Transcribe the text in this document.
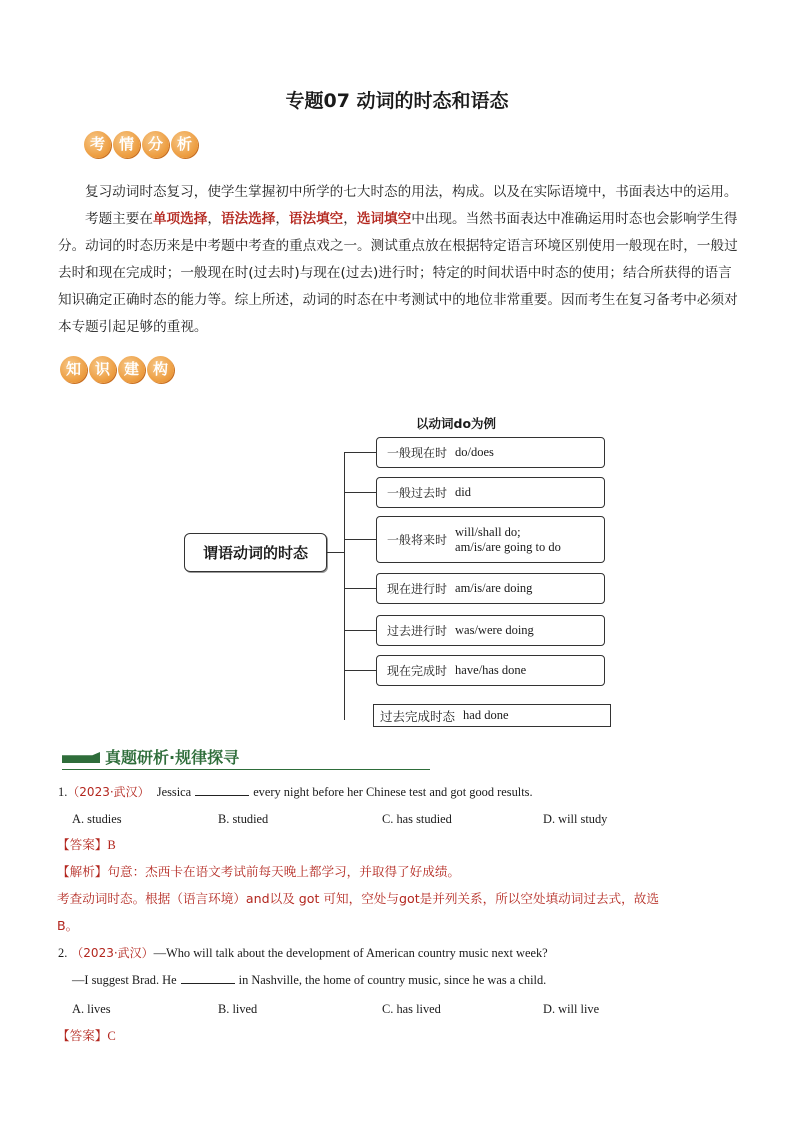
专题07 动词的时态和语态
考 情 分 析

复习动词时态复习，使学生掌握初中所学的七大时态的用法，构成。以及在实际语境中，书面表达中的运用。

考题主要在单项选择，语法选择，语法填空，选词填空中出现。当然书面表达中准确运用时态也会影响学生得分。动词的时态历来是中考题中考查的重点戏之一。测试重点放在根据特定语言环境区别使用一般现在时，一般过去时和现在完成时；一般现在时(过去时)与现在(过去)进行时；特定的时间状语中时态的使用；结合所获得的语言知识确定正确时态的能力等。综上所述，动词的时态在中考测试中的地位非常重要。因而考生在复习备考中必须对本专题引起足够的重视。

知 识 建 构
以动词do为例
谓语动词的时态
一般现在时 do/does
一般过去时 did
一般将来时
will/shall do;
am/is/are going to do
现在进行时 am/is/are doing
过去进行时 was/were doing
现在完成时 have/has done
过去完成时态 had done
真题研析·规律探寻
1.（2023·武汉） Jessica	every night before her Chinese test and got good results.
A. studies	B. studied	C. has studied	D. will study
【答案】B
【解析】句意：杰西卡在语文考试前每天晚上都学习，并取得了好成绩。
考查动词时态。根据（语言环境）and以及 got 可知，空处与got是并列关系，所以空处填动词过去式，故选
B。
2. （2023·武汉）—Who will talk about the development of American country music next week?
—I suggest Brad. He	in Nashville, the home of country music, since he was a child.
A. lives	B. lived	C. has lived	D. will live
【答案】C
